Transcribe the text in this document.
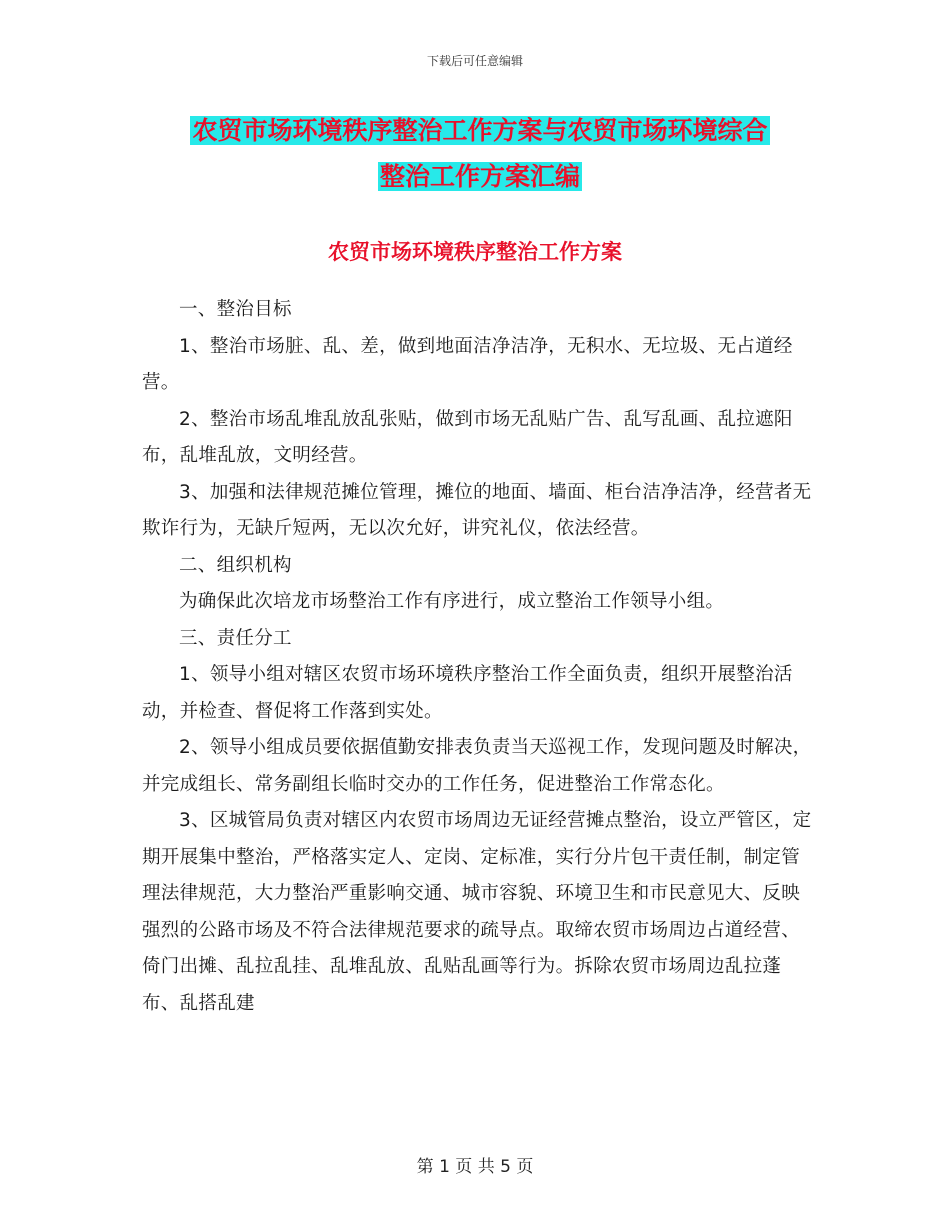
下载后可任意编辑
农贸市场环境秩序整治工作方案与农贸市场环境综合
整治工作方案汇编
农贸市场环境秩序整治工作方案

一、整治目标

1、整治市场脏、乱、差，做到地面洁净洁净，无积水、无垃圾、无占道经营。

2、整治市场乱堆乱放乱张贴，做到市场无乱贴广告、乱写乱画、乱拉遮阳布，乱堆乱放，文明经营。

3、加强和法律规范摊位管理，摊位的地面、墙面、柜台洁净洁净，经营者无欺诈行为，无缺斤短两，无以次允好，讲究礼仪，依法经营。

二、组织机构

为确保此次培龙市场整治工作有序进行，成立整治工作领导小组。

三、责任分工

1、领导小组对辖区农贸市场环境秩序整治工作全面负责，组织开展整治活动，并检查、督促将工作落到实处。

2、领导小组成员要依据值勤安排表负责当天巡视工作，发现问题及时解决，并完成组长、常务副组长临时交办的工作任务，促进整治工作常态化。

3、区城管局负责对辖区内农贸市场周边无证经营摊点整治，设立严管区，定期开展集中整治，严格落实定人、定岗、定标准，实行分片包干责任制，制定管理法律规范，大力整治严重影响交通、城市容貌、环境卫生和市民意见大、反映强烈的公路市场及不符合法律规范要求的疏导点。取缔农贸市场周边占道经营、倚门出摊、乱拉乱挂、乱堆乱放、乱贴乱画等行为。拆除农贸市场周边乱拉蓬布、乱搭乱建

第 1 页 共 5 页
